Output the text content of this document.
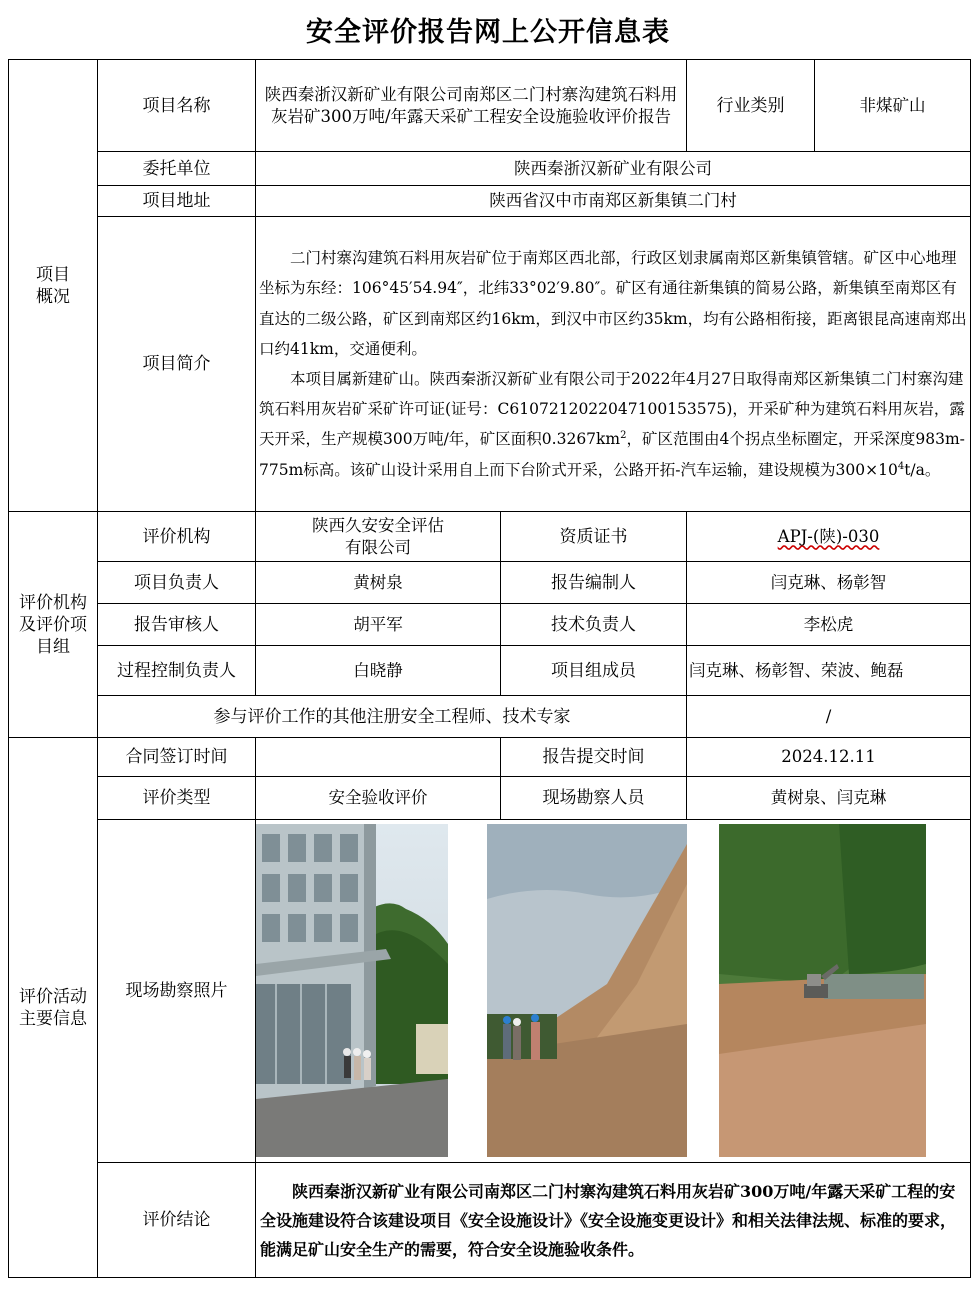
安全评价报告网上公开信息表
项目概况	项目名称	陕西秦浙汉新矿业有限公司南郑区二门村寨沟建筑石料用灰岩矿300万吨/年露天采矿工程安全设施验收评价报告		行业类别	非煤矿山
	委托单位	陕西秦浙汉新矿业有限公司			
	项目地址	陕西省汉中市南郑区新集镇二门村			
	项目简介	二门村寨沟建筑石料用灰岩矿位于南郑区西北部，行政区划隶属南郑区新集镇管辖。矿区中心地理坐标为东经：106°45′54.94″，北纬33°02′9.80″。矿区有通往新集镇的简易公路，新集镇至南郑区有直达的二级公路，矿区到南郑区约16km，到汉中市区约35km，均有公路相衔接，距离银昆高速南郑出口约41km，交通便利。

本项目属新建矿山。陕西秦浙汉新矿业有限公司于2022年4月27日取得南郑区新集镇二门村寨沟建筑石料用灰岩矿采矿许可证(证号：C6107212022047100153575)，开采矿种为建筑石料用灰岩，露天开采，生产规模300万吨/年，矿区面积$0.3267km^2$，矿区范围由4个拐点坐标圈定，开采深度983m-775m标高。该矿山设计采用自上而下台阶式开采，公路开拓-汽车运输，建设规模为$300\times 10^4t/a$。			

评价机构及评价项目组	评价机构	陕西久安安全评估有限公司	资质证书	APJ-(陕)-030	
	项目负责人	黄树泉	报告编制人	闫克琳、杨彰智	
	报告审核人	胡平军	技术负责人	李松虎	
	过程控制负责人	白晓静	项目组成员	闫克琳、杨彰智、荣波、鲍磊	
	参与评价工作的其他注册安全工程师、技术专家			/	
评价活动主要信息	合同签订时间		报告提交时间	2024.12.11	
	评价类型	安全验收评价	现场勘察人员	黄树泉、闫克琳	
	现场勘察照片	

	评价结论	陕西秦浙汉新矿业有限公司南郑区二门村寨沟建筑石料用灰岩矿300万吨/年露天采矿工程的安全设施建设符合该建设项目《安全设施设计》《安全设施变更设计》和相关法律法规、标准的要求，能满足矿山安全生产的需要，符合安全设施验收条件。			
